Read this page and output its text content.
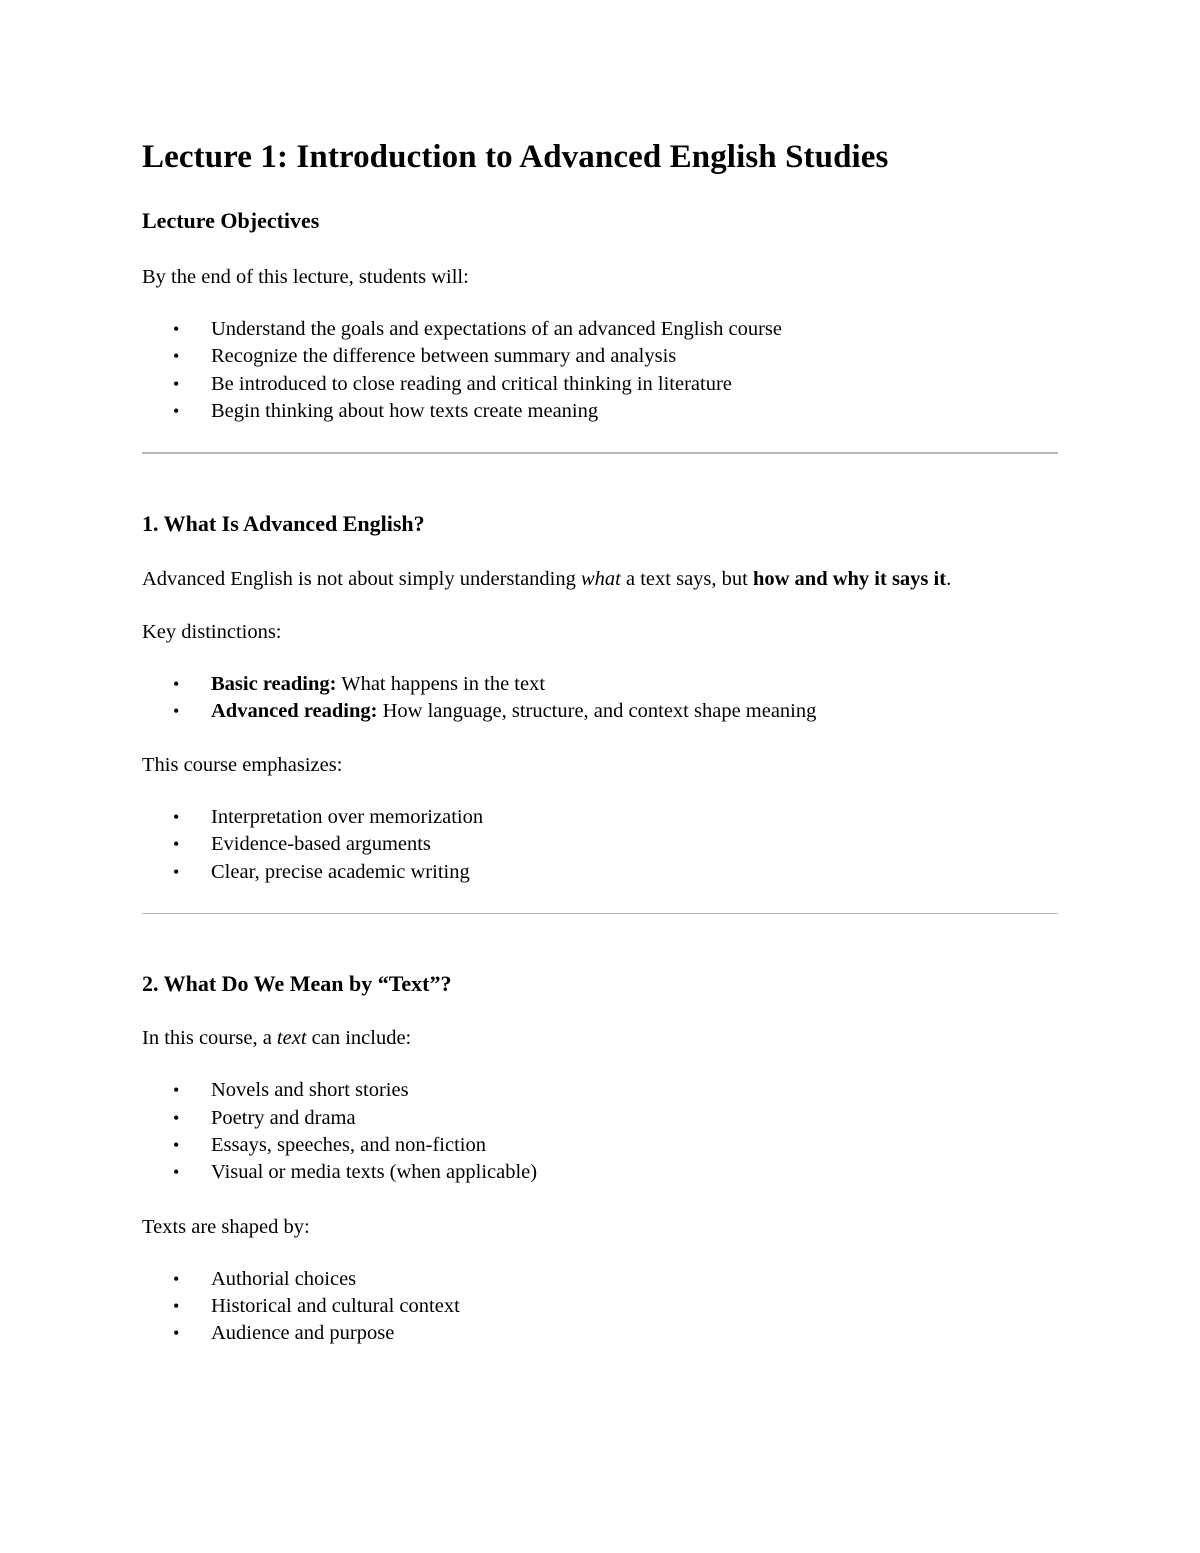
Lecture 1: Introduction to Advanced English Studies
Lecture Objectives

By the end of this lecture, students will:

• Understand the goals and expectations of an advanced English course
• Recognize the difference between summary and analysis
• Be introduced to close reading and critical thinking in literature
• Begin thinking about how texts create meaning
1. What Is Advanced English?

Advanced English is not about simply understanding what a text says, but how and why it says it.

Key distinctions:

• Basic reading: What happens in the text
• Advanced reading: How language, structure, and context shape meaning

This course emphasizes:

• Interpretation over memorization
• Evidence-based arguments
• Clear, precise academic writing
2. What Do We Mean by “Text”?

In this course, a text can include:

• Novels and short stories
• Poetry and drama
• Essays, speeches, and non-fiction
• Visual or media texts (when applicable)

Texts are shaped by:

• Authorial choices
• Historical and cultural context
• Audience and purpose
